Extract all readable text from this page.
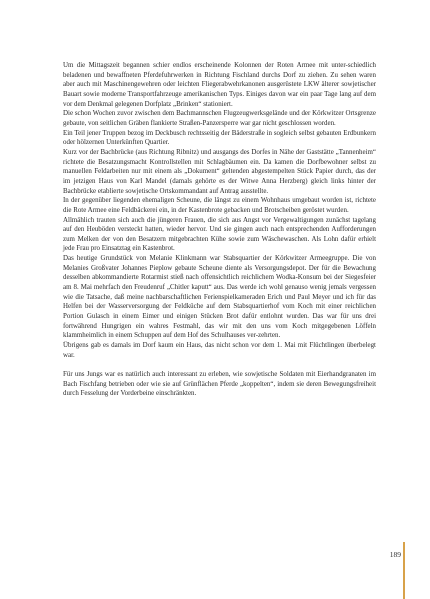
Um die Mittagszeit begannen schier endlos erscheinende Kolonnen der Roten Armee mit unter-schiedlich beladenen und bewaffneten Pferdefuhrwerken in Richtung Fischland durchs Dorf zu ziehen. Zu sehen waren aber auch mit Maschinengewehren oder leichten Fliegerabwehrkanonen ausgerüstete LKW älterer sowjetischer Bauart sowie moderne Transportfahrzeuge amerikanischen Typs. Einiges davon war ein paar Tage lang auf dem vor dem Denkmal gelegenen Dorfplatz „Brinken“ stationiert.

Die schon Wochen zuvor zwischen dem Bachmannschen Flugzeugwerksgelände und der Körkwitzer Ortsgrenze gebaute, von seitlichen Gräben flankierte Straßen-Panzersperre war gar nicht geschlossen worden.

Ein Teil jener Truppen bezog im Deckbusch rechtsseitig der Bäderstraße in sogleich selbst gebauten Erdbunkern oder hölzernen Unterkünften Quartier.

Kurz vor der Bachbrücke (aus Richtung Ribnitz) und ausgangs des Dorfes in Nähe der Gaststätte „Tannenheim“ richtete die Besatzungsmacht Kontrollstellen mit Schlagbäumen ein. Da kamen die Dorfbewohner selbst zu manuellen Feldarbeiten nur mit einem als „Dokument“ geltenden abgestempelten Stück Papier durch, das der im jetzigen Haus von Karl Mandel (damals gehörte es der Witwe Anna Herzberg) gleich links hinter der Bachbrücke etablierte sowjetische Ortskommandant auf Antrag ausstellte.

In der gegenüber liegenden ehemaligen Scheune, die längst zu einem Wohnhaus umgebaut worden ist, richtete die Rote Armee eine Feldbäckerei ein, in der Kastenbrote gebacken und Brotscheiben geröstet wurden.

Allmählich trauten sich auch die jüngeren Frauen, die sich aus Angst vor Vergewaltigungen zunächst tagelang auf den Heuböden versteckt hatten, wieder hervor. Und sie gingen auch nach entsprechenden Aufforderungen zum Melken der von den Besatzern mitgebrachten Kühe sowie zum Wäschewaschen. Als Lohn dafür erhielt jede Frau pro Einsatztag ein Kastenbrot.

Das heutige Grundstück von Melanie Klinkmann war Stabsquartier der Körkwitzer Armeegruppe. Die von Melanies Großvater Johannes Pieplow gebaute Scheune diente als Versorgungsdepot. Der für die Bewachung desselben abkommandierte Rotarmist stieß nach offensichtlich reichlichem Wodka-Konsum bei der Siegesfeier am 8. Mai mehrfach den Freudenruf „Chitler kaputt“ aus. Das werde ich wohl genauso wenig jemals vergessen wie die Tatsache, daß meine nachbarschaftlichen Ferienspielkameraden Erich und Paul Meyer und ich für das Helfen bei der Wasserversorgung der Feldküche auf dem Stabsquartierhof vom Koch mit einer reichlichen Portion Gulasch in einem Eimer und einigen Stücken Brot dafür entlohnt wurden. Das war für uns drei fortwährend Hungrigen ein wahres Festmahl, das wir mit den uns vom Koch mitgegebenen Löffeln klammheimlich in einem Schuppen auf dem Hof des Schulhauses ver-zehrten.

Übrigens gab es damals im Dorf kaum ein Haus, das nicht schon vor dem 1. Mai mit Flüchtlingen überbelegt war.

Für uns Jungs war es natürlich auch interessant zu erleben, wie sowjetische Soldaten mit Eierhandgranaten im Bach Fischfang betrieben oder wie sie auf Grünflächen Pferde „koppelten“, indem sie deren Bewegungsfreiheit durch Fesselung der Vorderbeine einschränkten.

189
